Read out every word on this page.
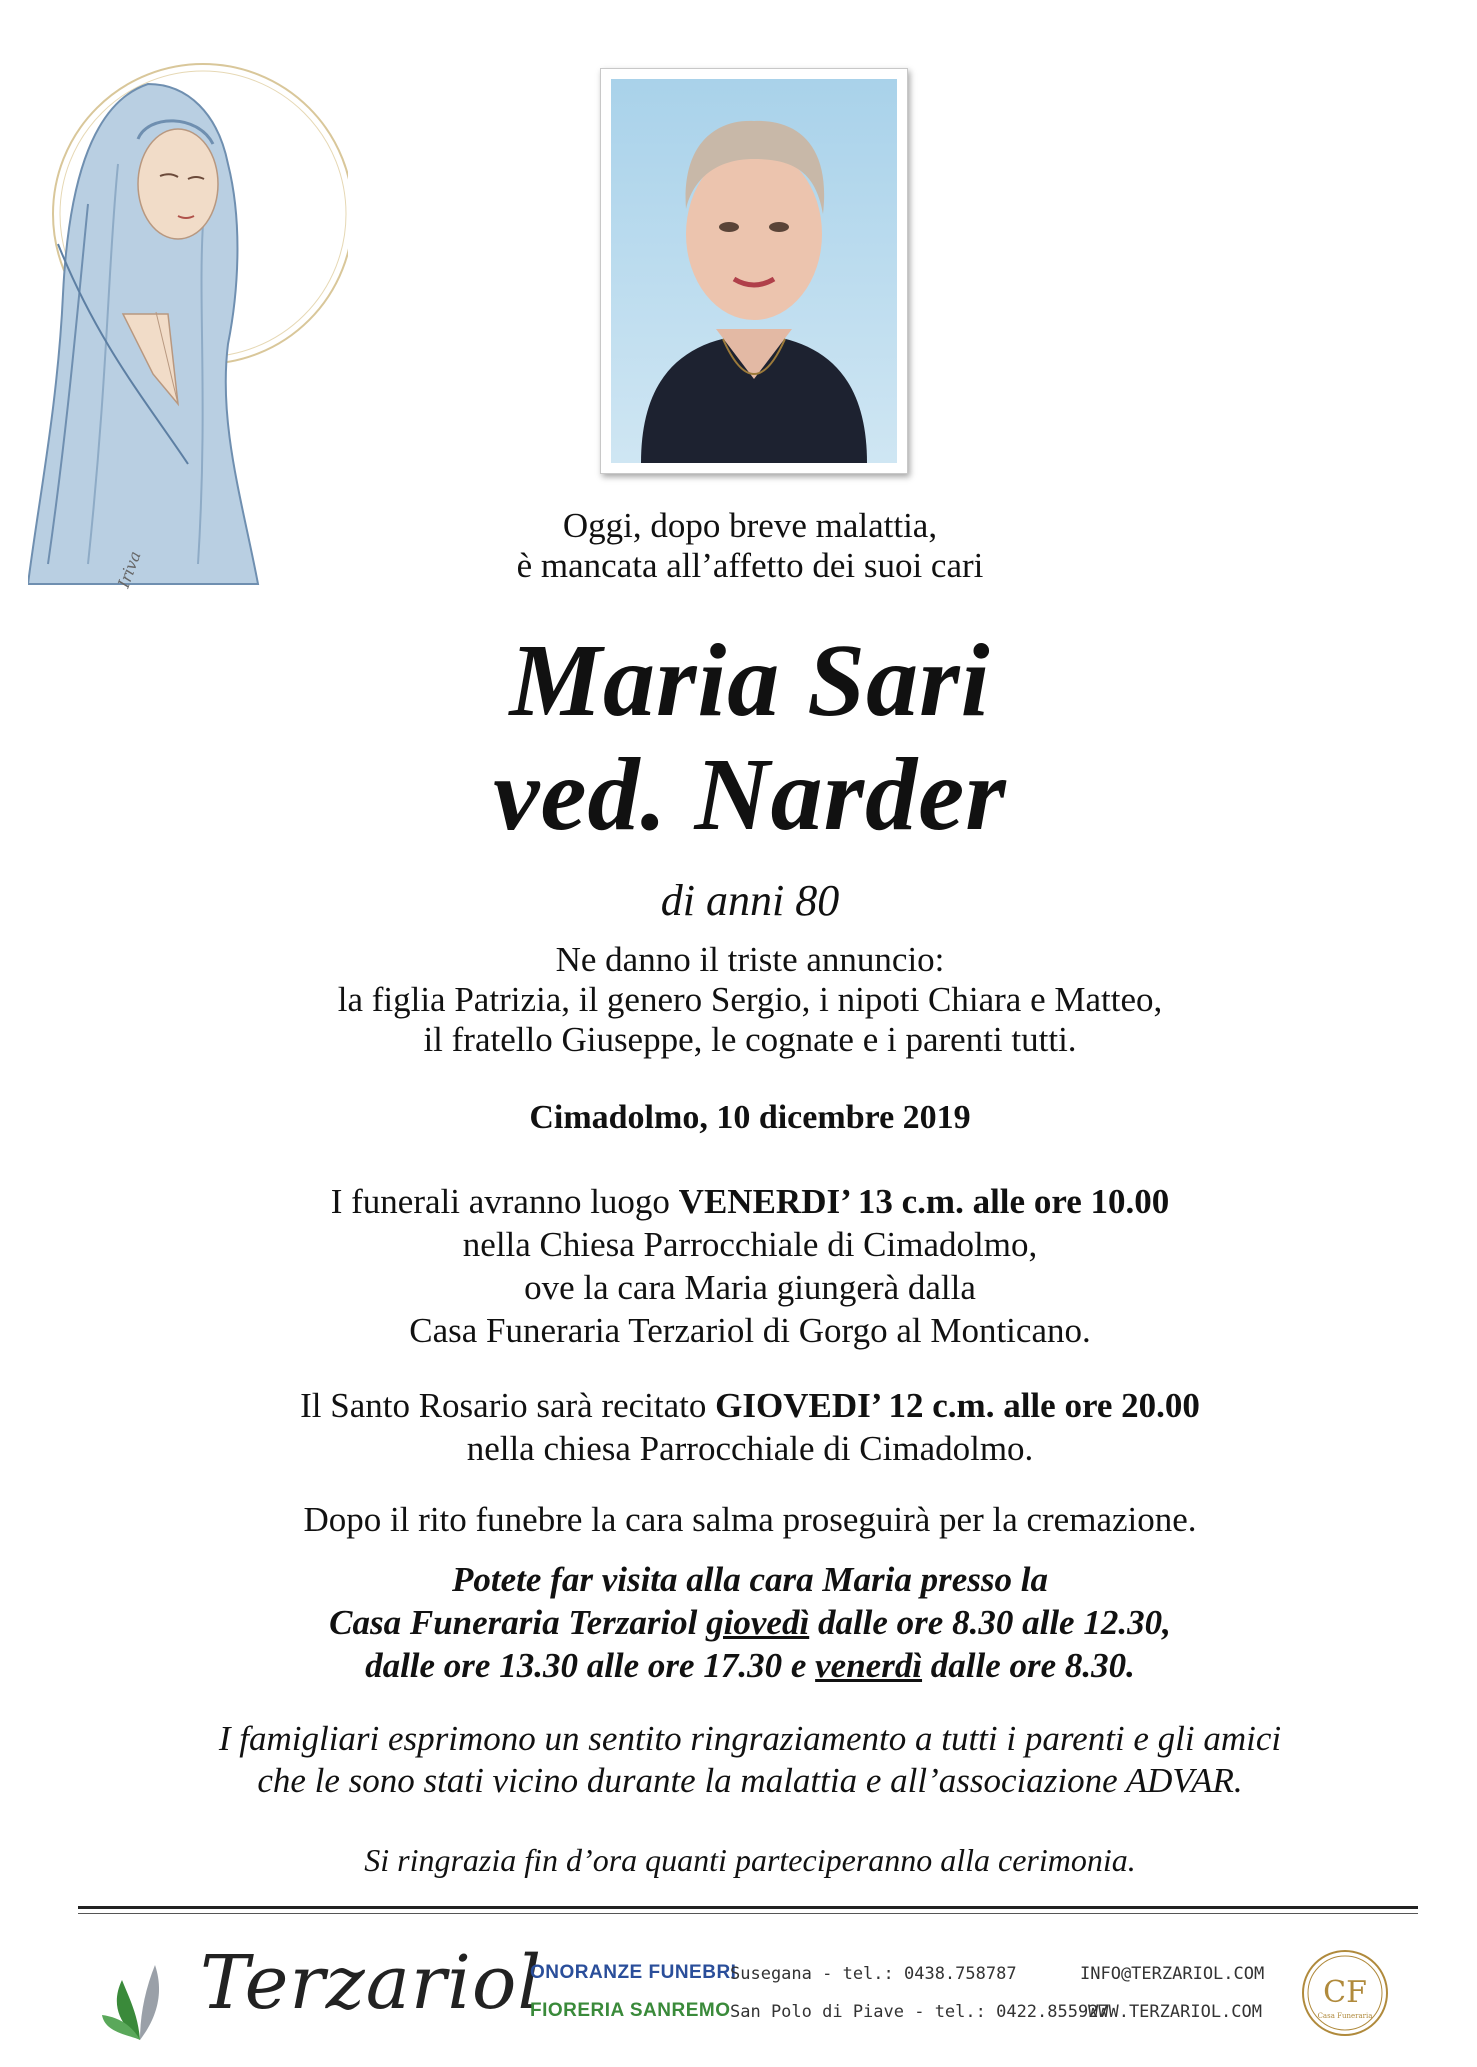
Iriva
Oggi, dopo breve malattia,
è mancata all’affetto dei suoi cari
Maria Sari
ved. Narder
di anni 80
Ne danno il triste annuncio:
la figlia Patrizia, il genero Sergio, i nipoti Chiara e Matteo,
il fratello Giuseppe, le cognate e i parenti tutti.
Cimadolmo, 10 dicembre 2019
I funerali avranno luogo VENERDI’ 13 c.m. alle ore 10.00
nella Chiesa Parrocchiale di Cimadolmo,
ove la cara Maria giungerà dalla
Casa Funeraria Terzariol di Gorgo al Monticano.
Il Santo Rosario sarà recitato GIOVEDI’ 12 c.m. alle ore 20.00
nella chiesa Parrocchiale di Cimadolmo.
Dopo il rito funebre la cara salma proseguirà per la cremazione.
Potete far visita alla cara Maria presso la
Casa Funeraria Terzariol giovedì dalle ore 8.30 alle 12.30,
dalle ore 13.30 alle ore 17.30 e venerdì dalle ore 8.30.
I famigliari esprimono un sentito ringraziamento a tutti i parenti e gli amici
che le sono stati vicino durante la malattia e all’associazione ADVAR.
Si ringrazia fin d’ora quanti parteciperanno alla cerimonia.
Terzariol
ONORANZE FUNEBRI
FIORERIA SANREMO
Susegana - tel.: 0438.758787
San Polo di Piave - tel.: 0422.855927
INFO@TERZARIOL.COM
WWW.TERZARIOL.COM
CF
Casa Funeraria
